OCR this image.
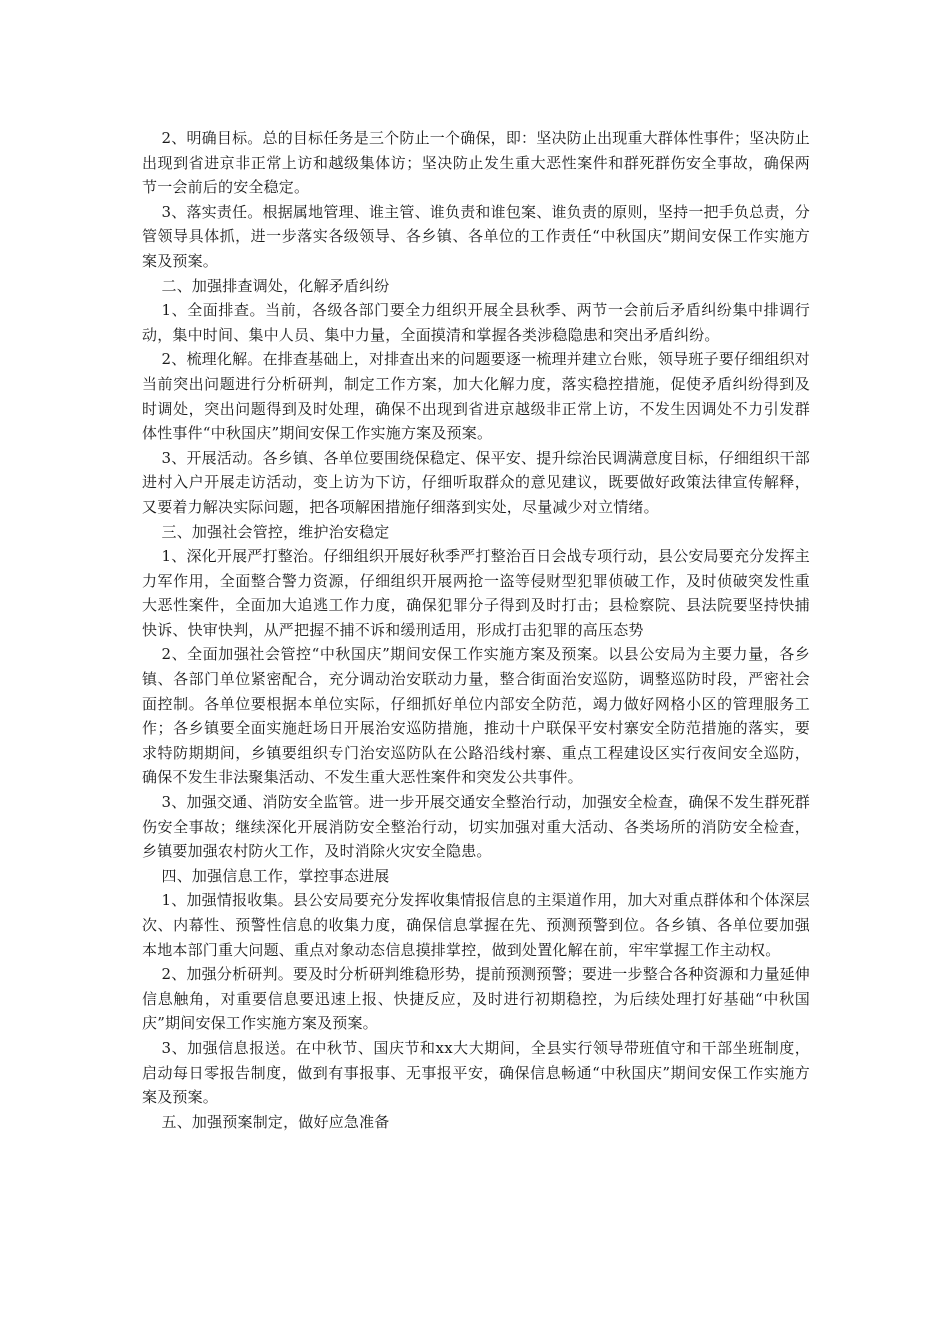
2、明确目标。总的目标任务是三个防止一个确保，即：坚决防止出现重大群体性事件；坚决防止出现到省进京非正常上访和越级集体访；坚决防止发生重大恶性案件和群死群伤安全事故，确保两节一会前后的安全稳定。

3、落实责任。根据属地管理、谁主管、谁负责和谁包案、谁负责的原则，坚持一把手负总责，分管领导具体抓，进一步落实各级领导、各乡镇、各单位的工作责任“中秋国庆”期间安保工作实施方案及预案。

二、加强排查调处，化解矛盾纠纷

1、全面排查。当前，各级各部门要全力组织开展全县秋季、两节一会前后矛盾纠纷集中排调行动，集中时间、集中人员、集中力量，全面摸清和掌握各类涉稳隐患和突出矛盾纠纷。

2、梳理化解。在排查基础上，对排查出来的问题要逐一梳理并建立台账，领导班子要仔细组织对当前突出问题进行分析研判，制定工作方案，加大化解力度，落实稳控措施，促使矛盾纠纷得到及时调处，突出问题得到及时处理，确保不出现到省进京越级非正常上访，不发生因调处不力引发群体性事件“中秋国庆”期间安保工作实施方案及预案。

3、开展活动。各乡镇、各单位要围绕保稳定、保平安、提升综治民调满意度目标，仔细组织干部进村入户开展走访活动，变上访为下访，仔细听取群众的意见建议，既要做好政策法律宣传解释，又要着力解决实际问题，把各项解困措施仔细落到实处，尽量减少对立情绪。

三、加强社会管控，维护治安稳定

1、深化开展严打整治。仔细组织开展好秋季严打整治百日会战专项行动，县公安局要充分发挥主力军作用，全面整合警力资源，仔细组织开展两抢一盗等侵财型犯罪侦破工作，及时侦破突发性重大恶性案件，全面加大追逃工作力度，确保犯罪分子得到及时打击；县检察院、县法院要坚持快捕快诉、快审快判，从严把握不捕不诉和缓刑适用，形成打击犯罪的高压态势

2、全面加强社会管控“中秋国庆”期间安保工作实施方案及预案。以县公安局为主要力量，各乡镇、各部门单位紧密配合，充分调动治安联动力量，整合街面治安巡防，调整巡防时段，严密社会面控制。各单位要根据本单位实际，仔细抓好单位内部安全防范，竭力做好网格小区的管理服务工作；各乡镇要全面实施赶场日开展治安巡防措施，推动十户联保平安村寨安全防范措施的落实，要求特防期期间，乡镇要组织专门治安巡防队在公路沿线村寨、重点工程建设区实行夜间安全巡防，确保不发生非法聚集活动、不发生重大恶性案件和突发公共事件。

3、加强交通、消防安全监管。进一步开展交通安全整治行动，加强安全检查，确保不发生群死群伤安全事故；继续深化开展消防安全整治行动，切实加强对重大活动、各类场所的消防安全检查，乡镇要加强农村防火工作，及时消除火灾安全隐患。

四、加强信息工作，掌控事态进展

1、加强情报收集。县公安局要充分发挥收集情报信息的主渠道作用，加大对重点群体和个体深层次、内幕性、预警性信息的收集力度，确保信息掌握在先、预测预警到位。各乡镇、各单位要加强本地本部门重大问题、重点对象动态信息摸排掌控，做到处置化解在前，牢牢掌握工作主动权。

2、加强分析研判。要及时分析研判维稳形势，提前预测预警；要进一步整合各种资源和力量延伸信息触角，对重要信息要迅速上报、快捷反应，及时进行初期稳控，为后续处理打好基础“中秋国庆”期间安保工作实施方案及预案。

3、加强信息报送。在中秋节、国庆节和xx大大期间，全县实行领导带班值守和干部坐班制度，启动每日零报告制度，做到有事报事、无事报平安，确保信息畅通“中秋国庆”期间安保工作实施方案及预案。

五、加强预案制定，做好应急准备
